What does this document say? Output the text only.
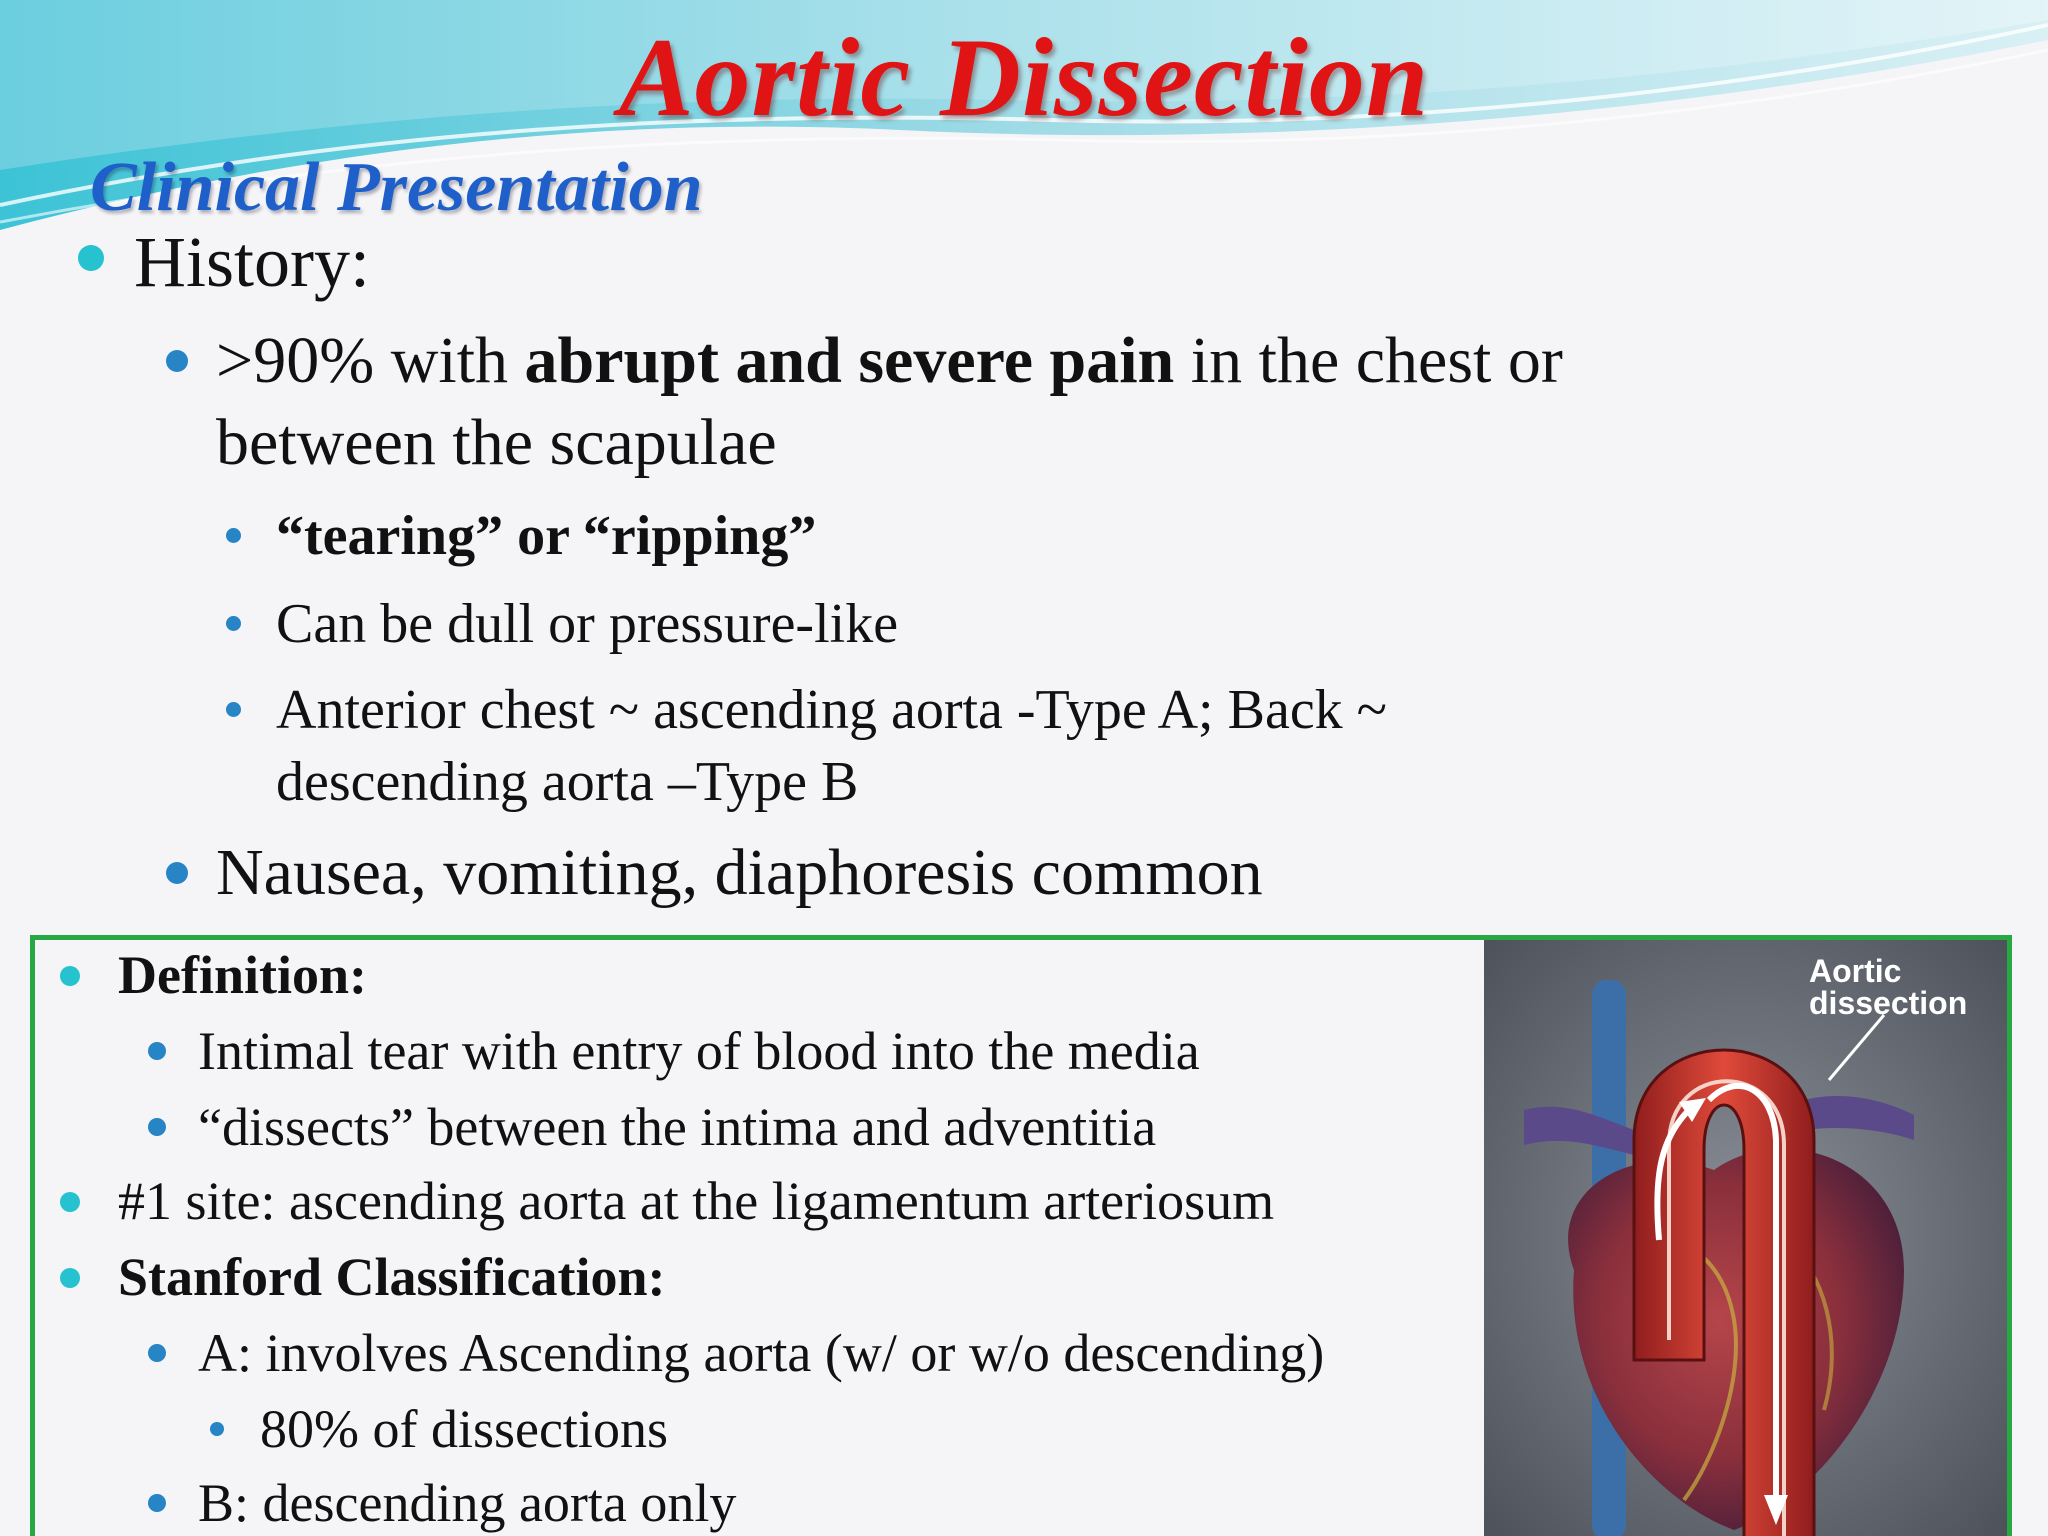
Aortic Dissection
Clinical Presentation
History:
>90% with abrupt and severe pain in the chest or between the scapulae
“tearing” or “ripping”
Can be dull or pressure-like
Anterior chest ~ ascending aorta -Type A; Back ~ descending aorta –Type B
Nausea, vomiting, diaphoresis common
Definition:
Intimal tear with entry of blood into the media
“dissects” between the intima and adventitia
#1 site: ascending aorta at the ligamentum arteriosum
Stanford Classification:
A: involves Ascending aorta (w/ or w/o descending)
80% of dissections
B: descending aorta only
Aortic
dissection
